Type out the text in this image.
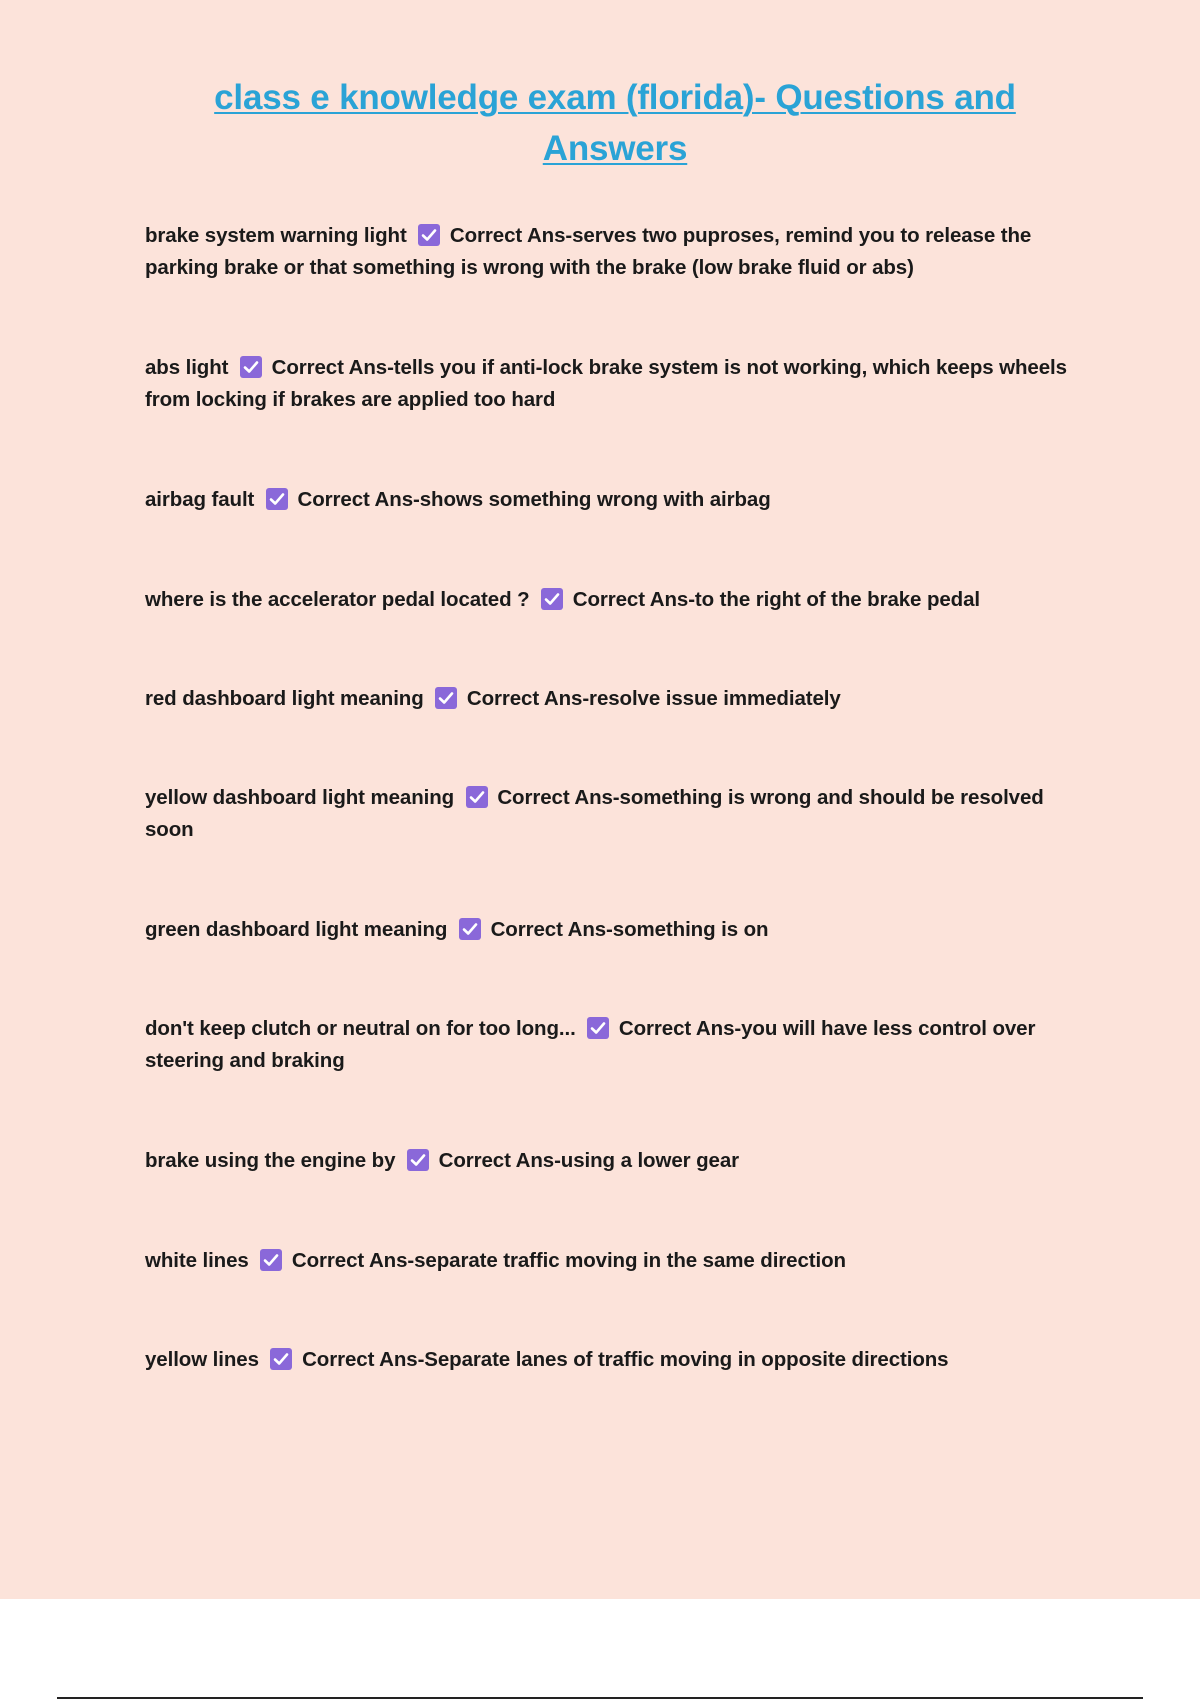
class e knowledge exam (florida)- Questions and Answers
brake system warning light Correct Ans-serves two puproses, remind you to release the parking brake or that something is wrong with the brake (low brake fluid or abs)
abs light Correct Ans-tells you if anti-lock brake system is not working, which keeps wheels from locking if brakes are applied too hard
airbag fault Correct Ans-shows something wrong with airbag
where is the accelerator pedal located ? Correct Ans-to the right of the brake pedal
red dashboard light meaning Correct Ans-resolve issue immediately
yellow dashboard light meaning Correct Ans-something is wrong and should be resolved soon
green dashboard light meaning Correct Ans-something is on
don't keep clutch or neutral on for too long... Correct Ans-you will have less control over steering and braking
brake using the engine by Correct Ans-using a lower gear
white lines Correct Ans-separate traffic moving in the same direction
yellow lines Correct Ans-Separate lanes of traffic moving in opposite directions
